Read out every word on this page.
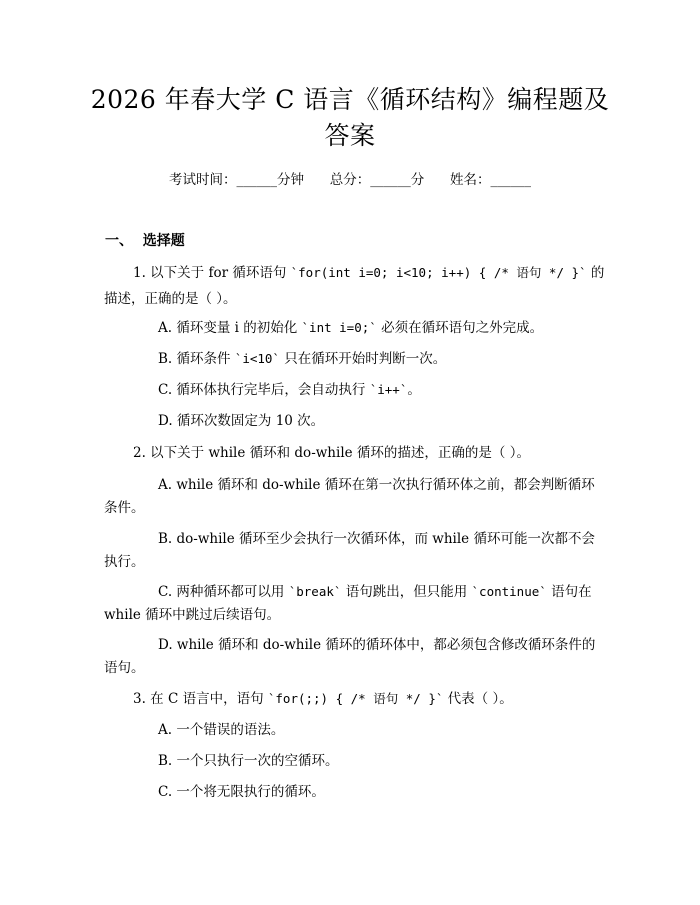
2026 年春大学 C 语言《循环结构》编程题及
答案
考试时间：______分钟      总分：______分      姓名：______
一、  选择题
1. 以下关于 for 循环语句 `for(int i=0; i<10; i++) { /* 语句 */ }` 的
描述，正确的是（ ）。
A. 循环变量 i 的初始化 `int i=0;` 必须在循环语句之外完成。
B. 循环条件 `i<10` 只在循环开始时判断一次。
C. 循环体执行完毕后，会自动执行 `i++`。
D. 循环次数固定为 10 次。
2. 以下关于 while 循环和 do-while 循环的描述，正确的是（ ）。
A. while 循环和 do-while 循环在第一次执行循环体之前，都会判断循环
条件。
B. do-while 循环至少会执行一次循环体，而 while 循环可能一次都不会
执行。
C. 两种循环都可以用 `break` 语句跳出，但只能用 `continue` 语句在
while 循环中跳过后续语句。
D. while 循环和 do-while 循环的循环体中，都必须包含修改循环条件的
语句。
3. 在 C 语言中，语句 `for(;;) { /* 语句 */ }` 代表（ ）。
A. 一个错误的语法。
B. 一个只执行一次的空循环。
C. 一个将无限执行的循环。
